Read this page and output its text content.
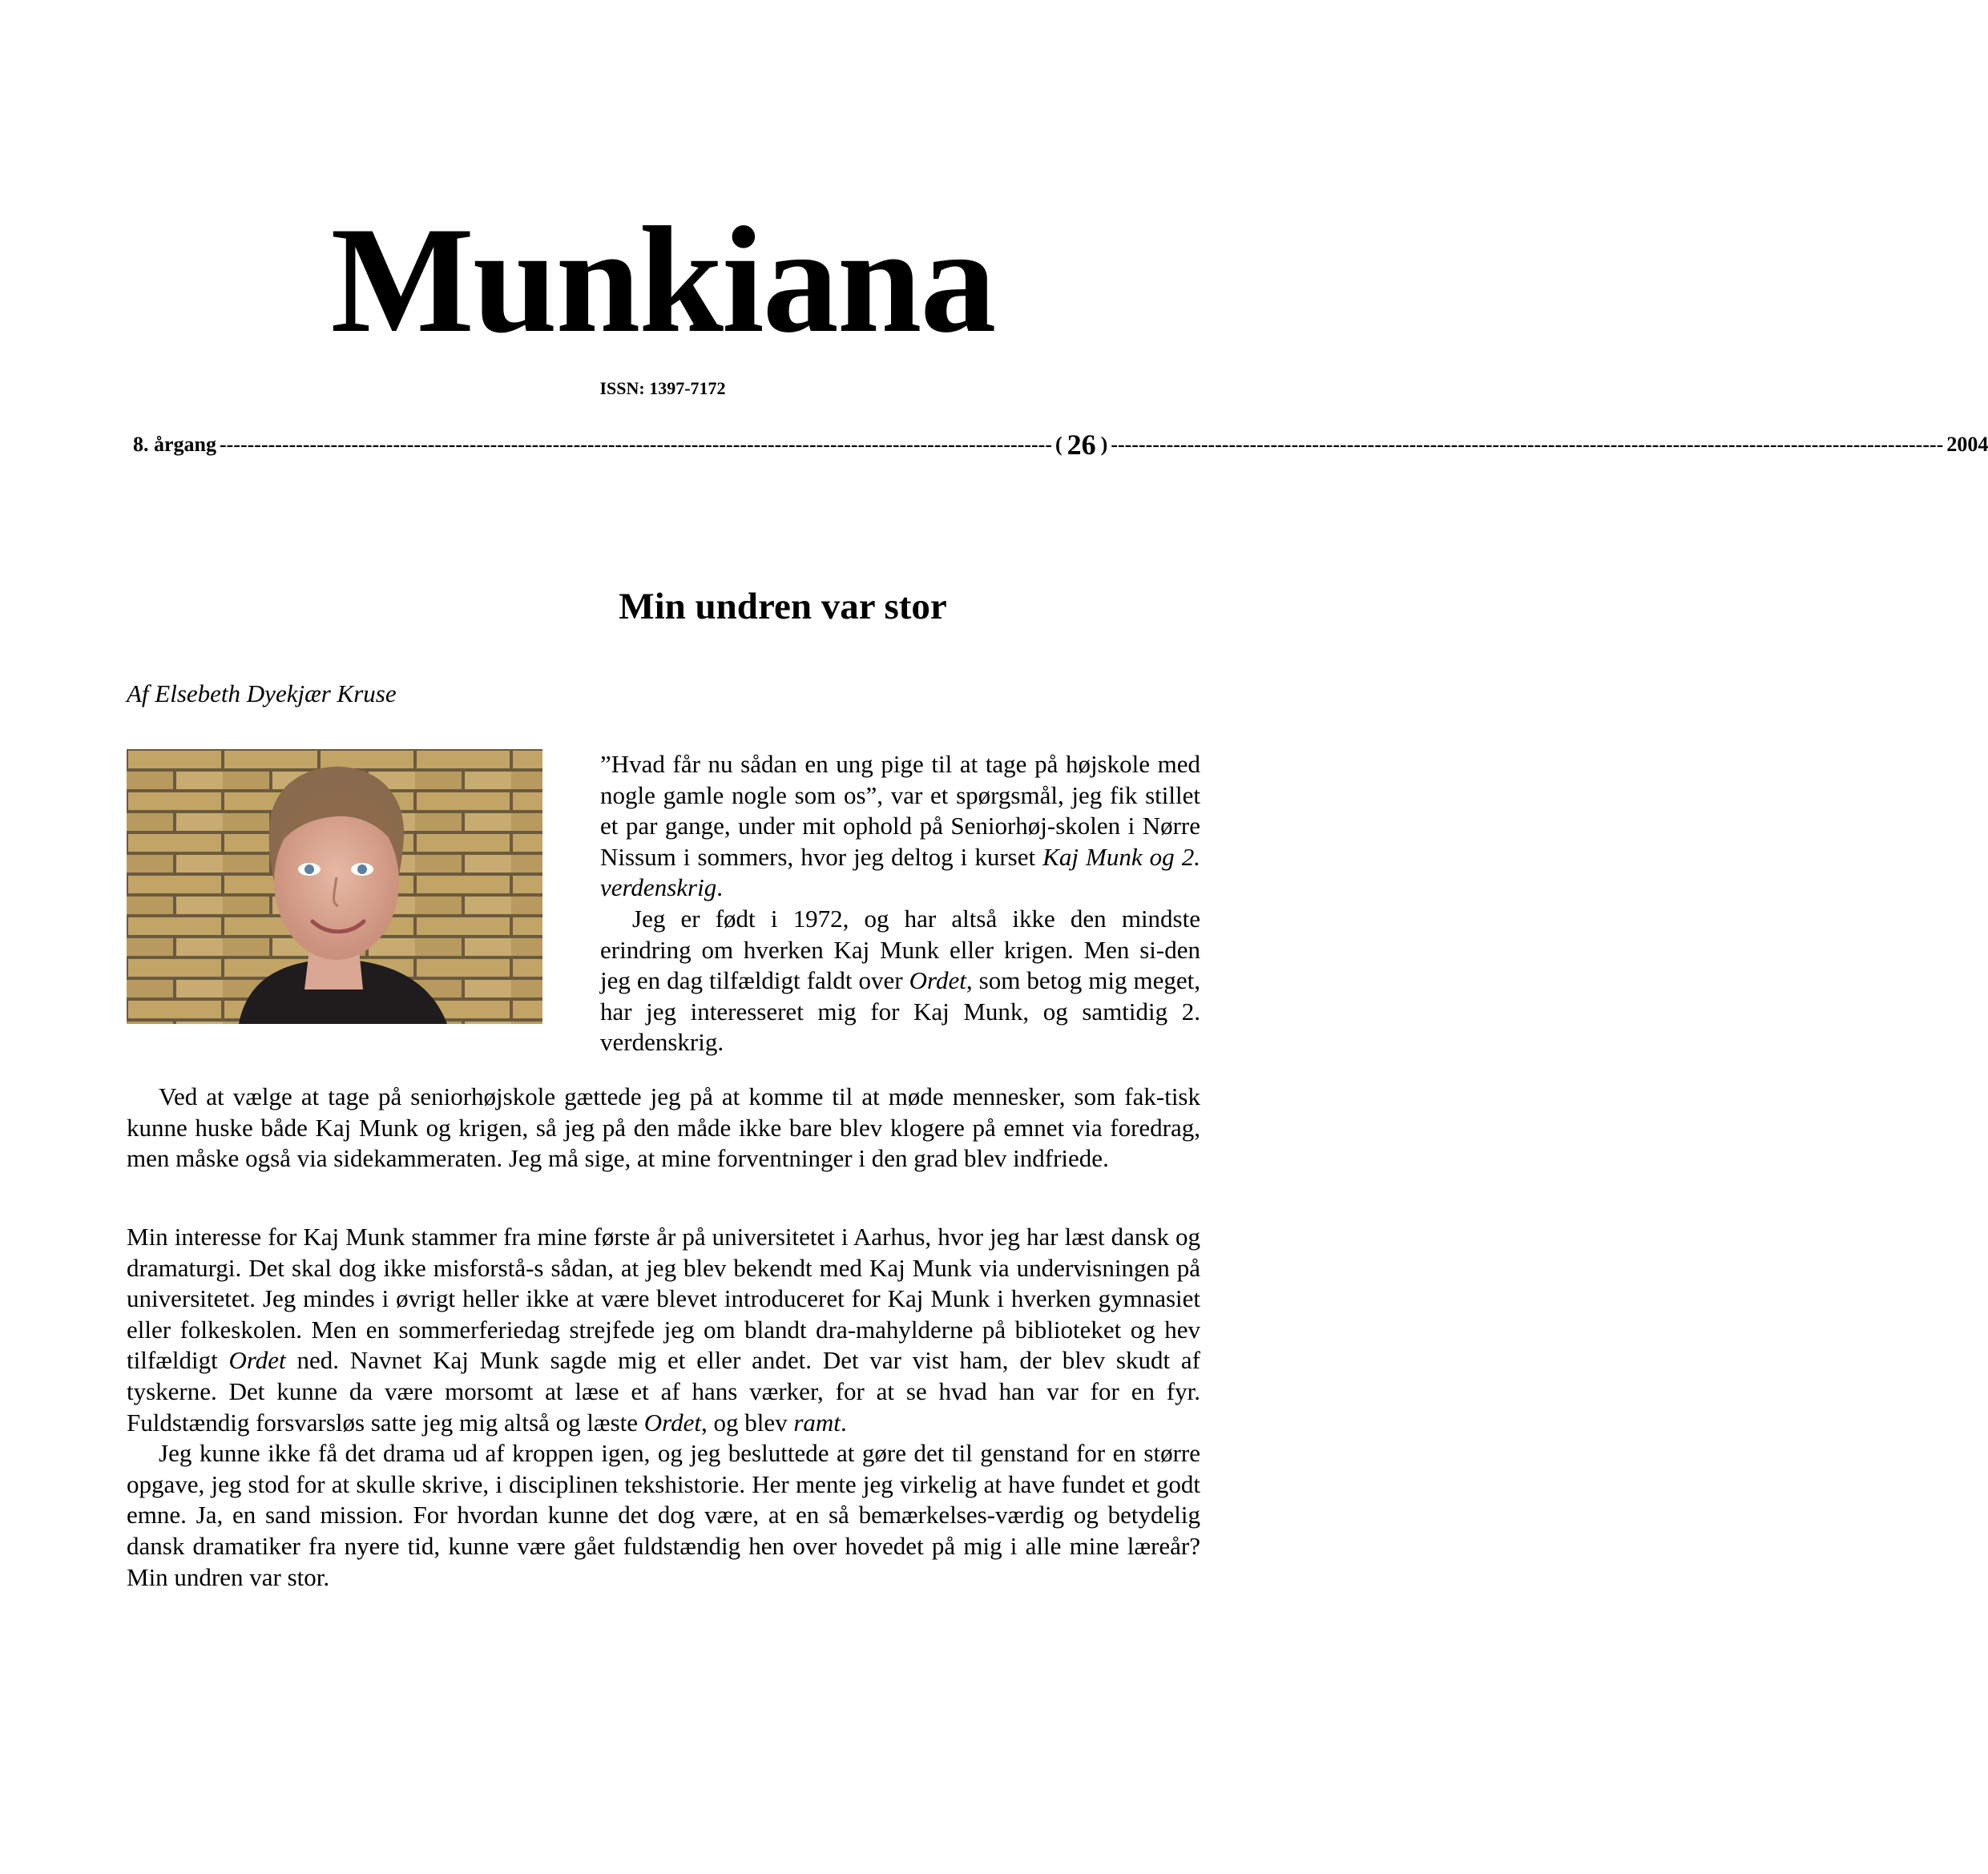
Munkiana
ISSN: 1397-7172
8. årgang ------------------------------------------------------------------------------------------------------------------------ ( 26 ) ------------------------------------------------------------------------------------------------------------------------ 2004
Min undren var stor
Af Elsebeth Dyekjær Kruse

”Hvad får nu sådan en ung pige til at tage på højskole med nogle gamle nogle som os”, var et spørgsmål, jeg fik stillet et par gange, under mit ophold på Seniorhøj-skolen i Nørre Nissum i sommers, hvor jeg deltog i kurset Kaj Munk og 2. verdenskrig.

Jeg er født i 1972, og har altså ikke den mindste erindring om hverken Kaj Munk eller krigen. Men si-den jeg en dag tilfældigt faldt over Ordet, som betog mig meget, har jeg interesseret mig for Kaj Munk, og samtidig 2. verdenskrig.

Ved at vælge at tage på seniorhøjskole gættede jeg på at komme til at møde mennesker, som fak-tisk kunne huske både Kaj Munk og krigen, så jeg på den måde ikke bare blev klogere på emnet via foredrag, men måske også via sidekammeraten. Jeg må sige, at mine forventninger i den grad blev indfriede.

Min interesse for Kaj Munk stammer fra mine første år på universitetet i Aarhus, hvor jeg har læst dansk og dramaturgi. Det skal dog ikke misforstå-s sådan, at jeg blev bekendt med Kaj Munk via undervisningen på universitetet. Jeg mindes i øvrigt heller ikke at være blevet introduceret for Kaj Munk i hverken gymnasiet eller folkeskolen. Men en sommerferiedag strejfede jeg om blandt dra-mahylderne på biblioteket og hev tilfældigt Ordet ned. Navnet Kaj Munk sagde mig et eller andet. Det var vist ham, der blev skudt af tyskerne. Det kunne da være morsomt at læse et af hans værker, for at se hvad han var for en fyr. Fuldstændig forsvarsløs satte jeg mig altså og læste Ordet, og blev ramt.

Jeg kunne ikke få det drama ud af kroppen igen, og jeg besluttede at gøre det til genstand for en større opgave, jeg stod for at skulle skrive, i disciplinen tekshistorie. Her mente jeg virkelig at have fundet et godt emne. Ja, en sand mission. For hvordan kunne det dog være, at en så bemærkelses-værdig og betydelig dansk dramatiker fra nyere tid, kunne være gået fuldstændig hen over hovedet på mig i alle mine læreår? Min undren var stor.
